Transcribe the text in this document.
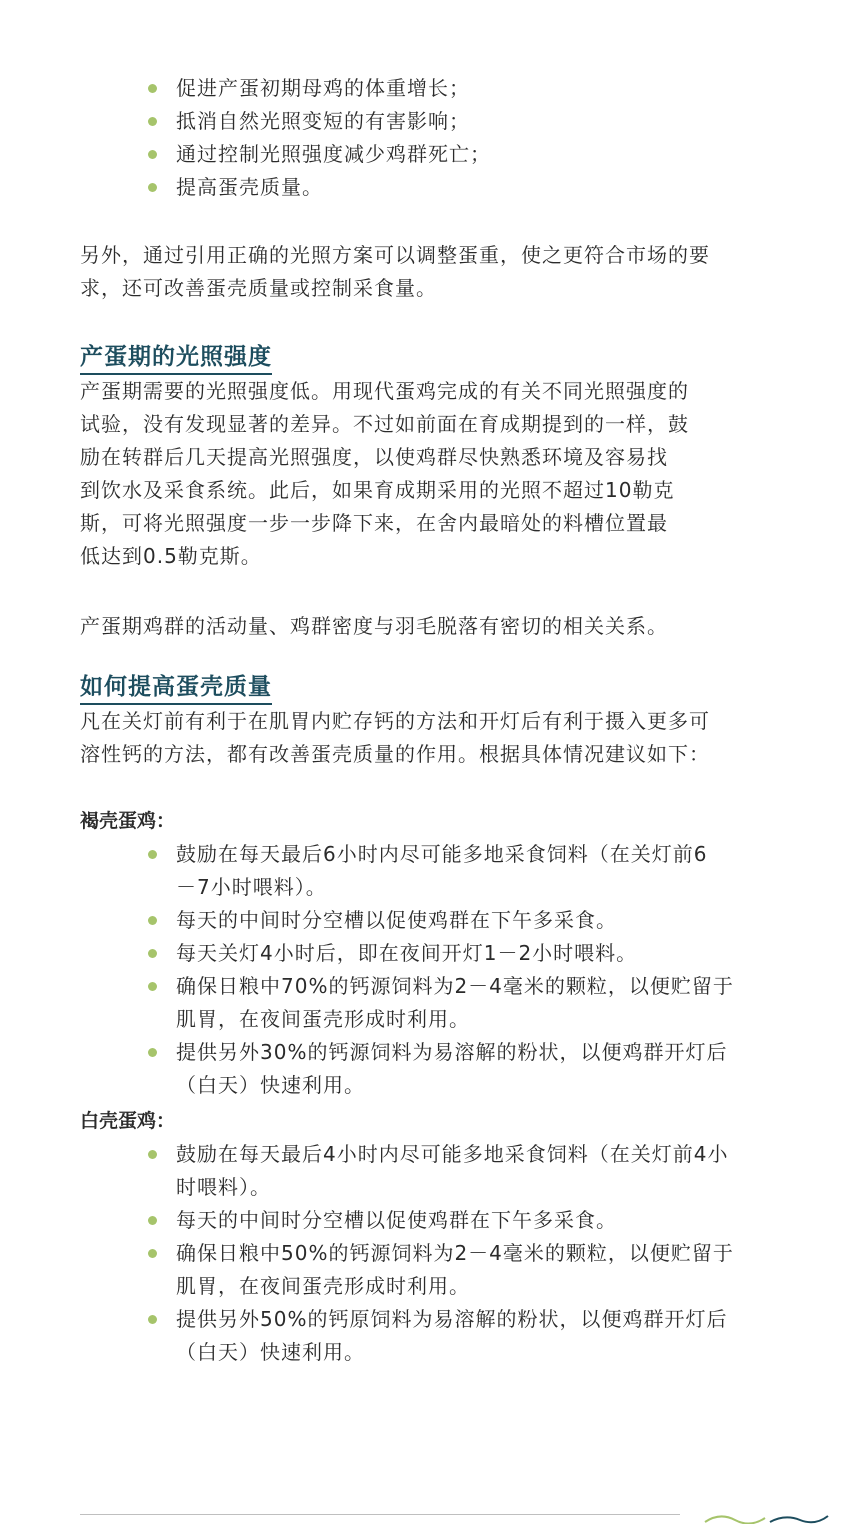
促进产蛋初期母鸡的体重增长；
抵消自然光照变短的有害影响；
通过控制光照强度减少鸡群死亡；
提高蛋壳质量。

另外，通过引用正确的光照方案可以调整蛋重，使之更符合市场的要
求，还可改善蛋壳质量或控制采食量。

产蛋期的光照强度

产蛋期需要的光照强度低。用现代蛋鸡完成的有关不同光照强度的
试验，没有发现显著的差异。不过如前面在育成期提到的一样，鼓
励在转群后几天提高光照强度，以使鸡群尽快熟悉环境及容易找
到饮水及采食系统。此后，如果育成期采用的光照不超过10勒克
斯，可将光照强度一步一步降下来，在舍内最暗处的料槽位置最
低达到0.5勒克斯。

产蛋期鸡群的活动量、鸡群密度与羽毛脱落有密切的相关关系。

如何提高蛋壳质量

凡在关灯前有利于在肌胃内贮存钙的方法和开灯后有利于摄入更多可
溶性钙的方法，都有改善蛋壳质量的作用。根据具体情况建议如下：

褐壳蛋鸡：
鼓励在每天最后6小时内尽可能多地采食饲料（在关灯前6
－7小时喂料）。
每天的中间时分空槽以促使鸡群在下午多采食。
每天关灯4小时后，即在夜间开灯1－2小时喂料。
确保日粮中70%的钙源饲料为2－4毫米的颗粒，以便贮留于
肌胃，在夜间蛋壳形成时利用。
提供另外30%的钙源饲料为易溶解的粉状，以便鸡群开灯后
（白天）快速利用。
白壳蛋鸡：
鼓励在每天最后4小时内尽可能多地采食饲料（在关灯前4小
时喂料）。
每天的中间时分空槽以促使鸡群在下午多采食。
确保日粮中50%的钙源饲料为2－4毫米的颗粒，以便贮留于
肌胃，在夜间蛋壳形成时利用。
提供另外50%的钙原饲料为易溶解的粉状，以便鸡群开灯后
（白天）快速利用。
